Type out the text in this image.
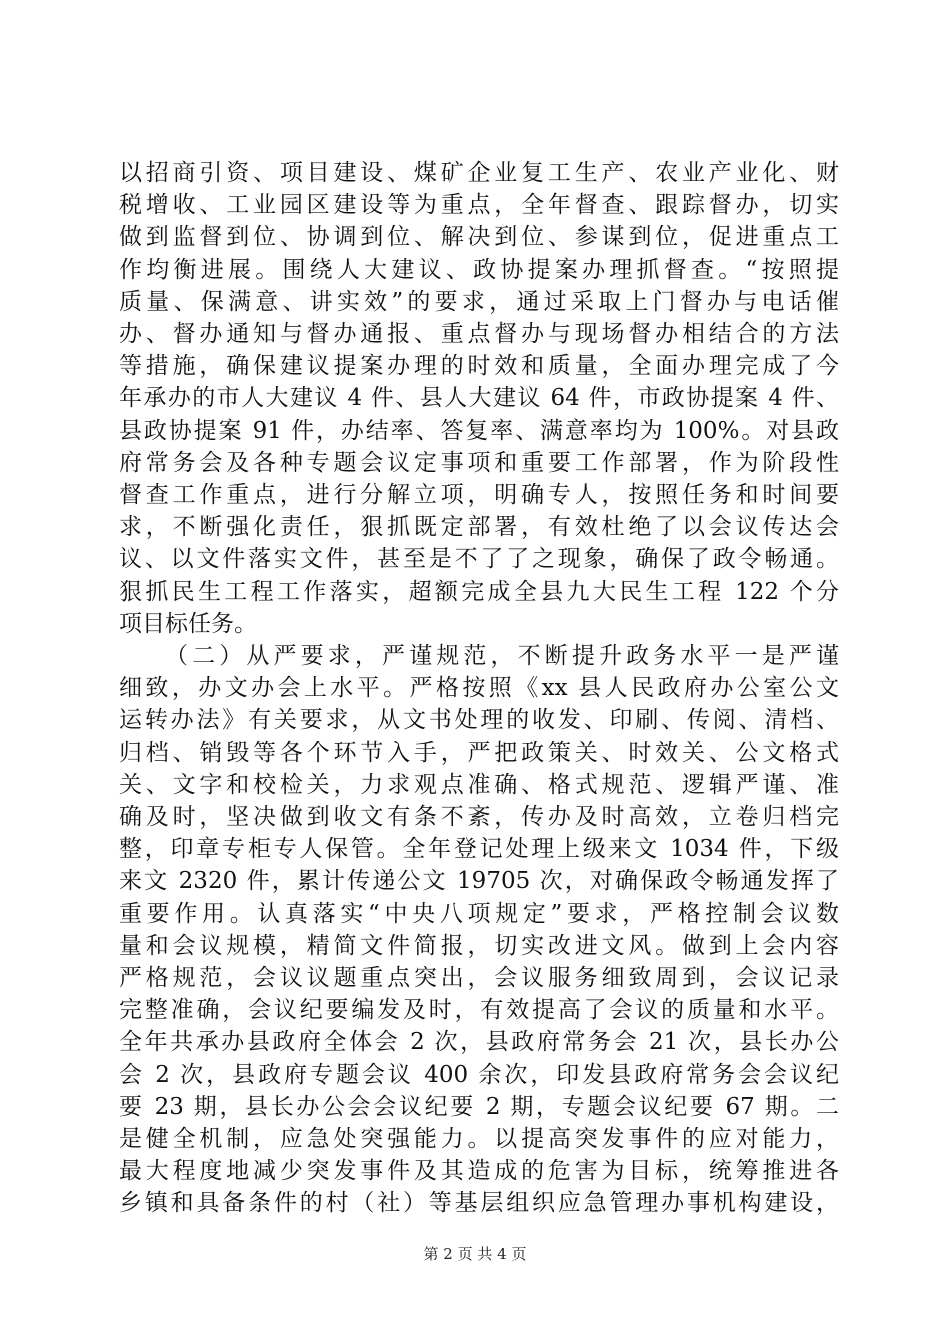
以招商引资、项目建设、煤矿企业复工生产、农业产业化、财
税增收、工业园区建设等为重点，全年督查、跟踪督办，切实
做到监督到位、协调到位、解决到位、参谋到位，促进重点工
作均衡进展。围绕人大建议、政协提案办理抓督查。“按照提
质量、保满意、讲实效”的要求，通过采取上门督办与电话催
办、督办通知与督办通报、重点督办与现场督办相结合的方法
等措施，确保建议提案办理的时效和质量，全面办理完成了今
年承办的市人大建议 4 件、县人大建议 64 件，市政协提案 4 件、
县政协提案 91 件，办结率、答复率、满意率均为 100%。对县政
府常务会及各种专题会议定事项和重要工作部署，作为阶段性
督查工作重点，进行分解立项，明确专人，按照任务和时间要
求，不断强化责任，狠抓既定部署，有效杜绝了以会议传达会
议、以文件落实文件，甚至是不了了之现象，确保了政令畅通。
狠抓民生工程工作落实，超额完成全县九大民生工程 122 个分
项目标任务。
（二）从严要求，严谨规范，不断提升政务水平一是严谨
细致，办文办会上水平。严格按照《xx 县人民政府办公室公文
运转办法》有关要求，从文书处理的收发、印刷、传阅、清档、
归档、销毁等各个环节入手，严把政策关、时效关、公文格式
关、文字和校检关，力求观点准确、格式规范、逻辑严谨、准
确及时，坚决做到收文有条不紊，传办及时高效，立卷归档完
整，印章专柜专人保管。全年登记处理上级来文 1034 件，下级
来文 2320 件，累计传递公文 19705 次，对确保政令畅通发挥了
重要作用。认真落实“中央八项规定”要求，严格控制会议数
量和会议规模，精简文件简报，切实改进文风。做到上会内容
严格规范，会议议题重点突出，会议服务细致周到，会议记录
完整准确，会议纪要编发及时，有效提高了会议的质量和水平。
全年共承办县政府全体会 2 次，县政府常务会 21 次，县长办公
会 2 次，县政府专题会议 400 余次，印发县政府常务会会议纪
要 23 期，县长办公会会议纪要 2 期，专题会议纪要 67 期。二
是健全机制，应急处突强能力。以提高突发事件的应对能力，
最大程度地减少突发事件及其造成的危害为目标，统筹推进各
乡镇和具备条件的村（社）等基层组织应急管理办事机构建设，
第 2 页 共 4 页
